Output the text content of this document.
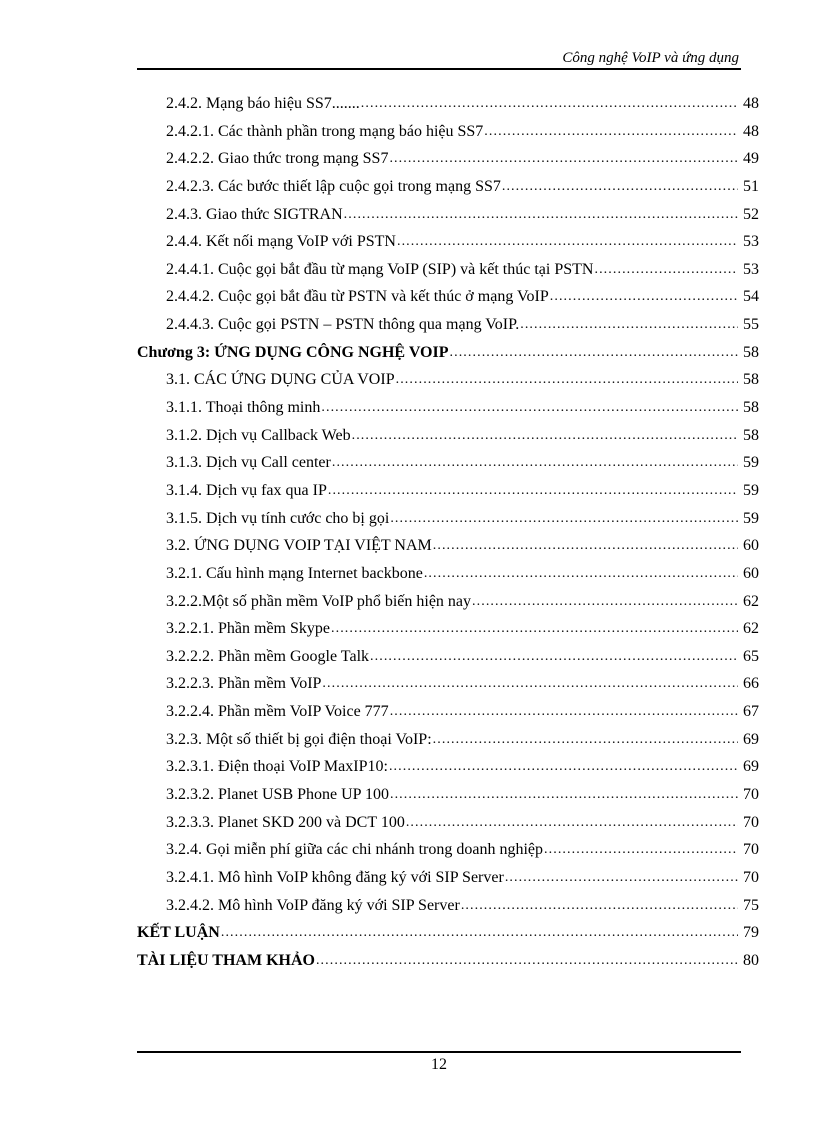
Công nghệ VoIP và ứng dụng
2.4.2. Mạng báo hiệu SS7....... .....	48
2.4.2.1. Các thành phần trong mạng báo hiệu SS7 .....	48
2.4.2.2. Giao thức trong mạng SS7 .....	49
2.4.2.3. Các bước thiết lập cuộc gọi trong mạng SS7 .....	51
2.4.3. Giao thức SIGTRAN .....	52
2.4.4. Kết nối mạng VoIP với PSTN .....	53
2.4.4.1. Cuộc gọi bắt đầu từ mạng VoIP (SIP) và kết thúc tại PSTN .....	53
2.4.4.2. Cuộc gọi bắt đầu từ PSTN và kết thúc ở mạng VoIP .....	54
2.4.4.3. Cuộc gọi PSTN – PSTN thông qua mạng VoIP. .....	55
Chương 3: ỨNG DỤNG CÔNG NGHỆ VOIP .....	58
3.1. CÁC ỨNG DỤNG CỦA VOIP .....	58
3.1.1. Thoại thông minh .....	58
3.1.2. Dịch vụ Callback Web .....	58
3.1.3. Dịch vụ Call center .....	59
3.1.4. Dịch vụ fax qua IP .....	59
3.1.5. Dịch vụ tính cước cho bị gọi .....	59
3.2. ỨNG DỤNG VOIP TẠI VIỆT NAM .....	60
3.2.1. Cấu hình mạng Internet backbone .....	60
3.2.2.Một số phần mềm VoIP phổ biến hiện nay .....	62
3.2.2.1. Phần mềm Skype .....	62
3.2.2.2. Phần mềm Google Talk .....	65
3.2.2.3. Phần mềm VoIP .....	66
3.2.2.4. Phần mềm VoIP Voice 777 .....	67
3.2.3. Một số thiết bị gọi điện thoại VoIP: .....	69
3.2.3.1. Điện thoại VoIP MaxIP10: .....	69
3.2.3.2. Planet USB Phone UP 100 .....	70
3.2.3.3. Planet SKD 200 và DCT 100 .....	70
3.2.4. Gọi miễn phí giữa các chi nhánh trong doanh nghiệp .....	70
3.2.4.1. Mô hình VoIP không đăng ký với SIP Server .....	70
3.2.4.2. Mô hình VoIP đăng ký với SIP Server .....	75
KẾT LUẬN .....	79
TÀI LIỆU THAM KHẢO .....	80
12
